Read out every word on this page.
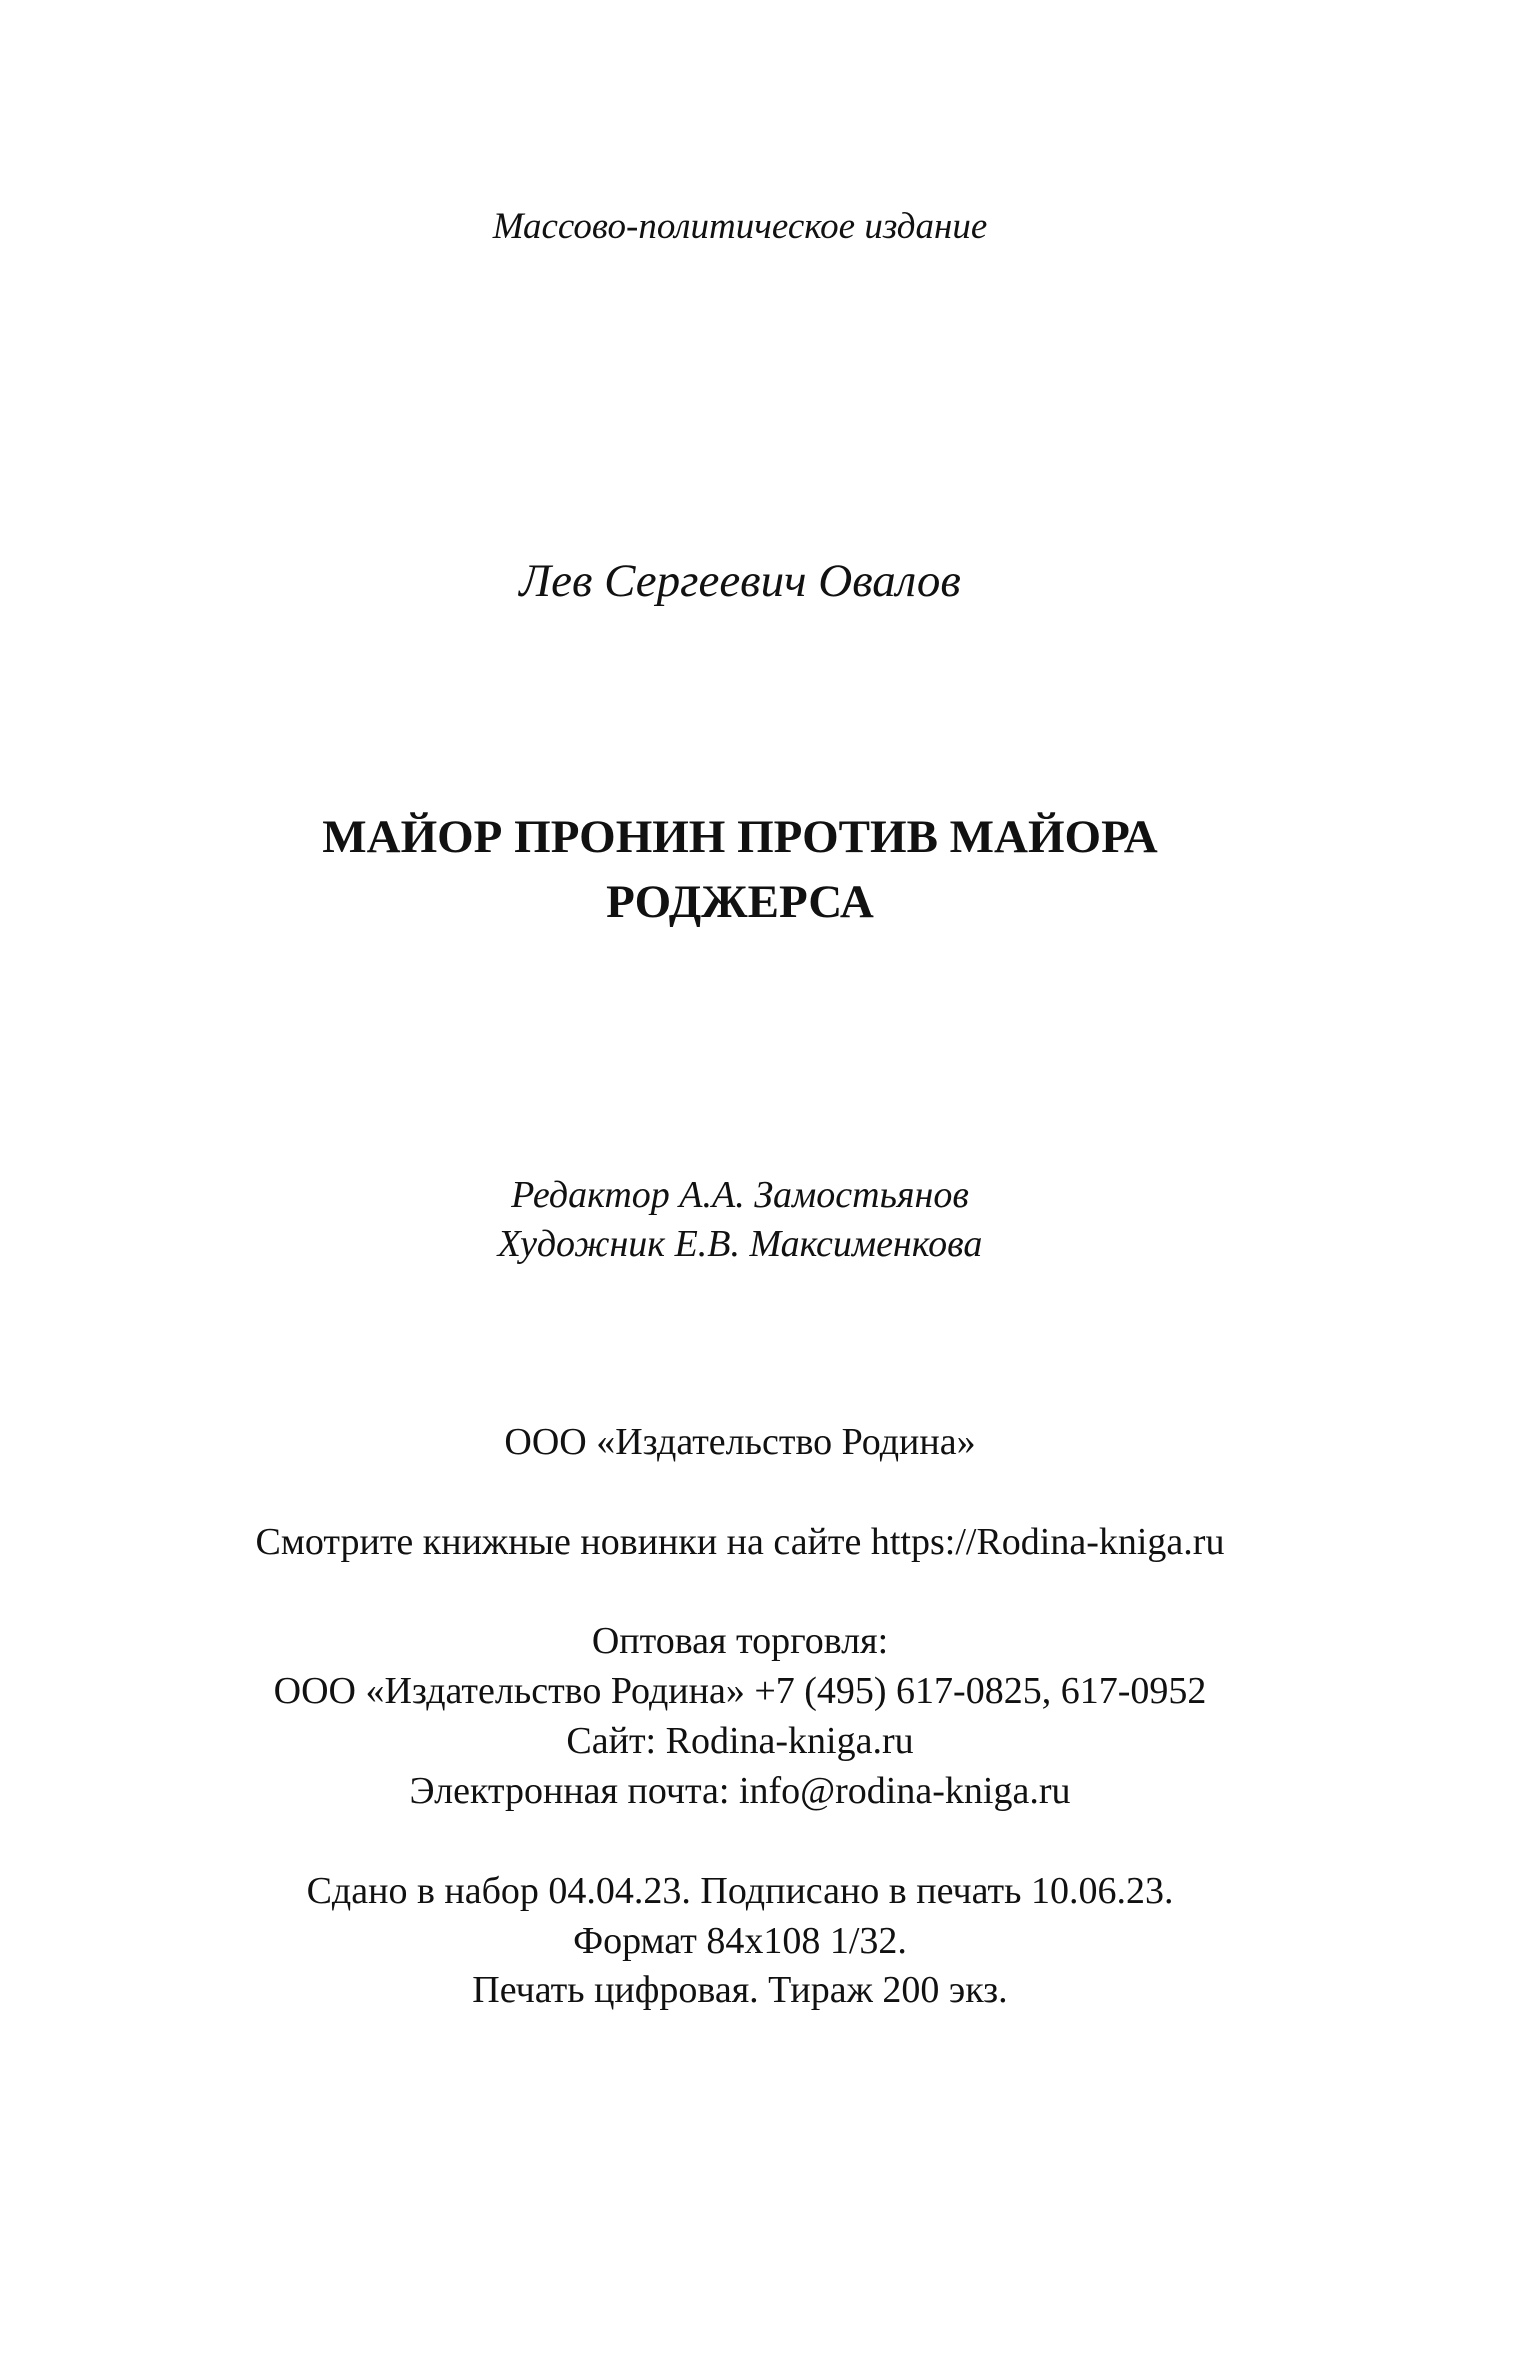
Массово-политическое издание
Лев Сергеевич Овалов
МАЙОР ПРОНИН ПРОТИВ МАЙОРА
РОДЖЕРСА
Редактор А.А. Замостьянов
Художник Е.В. Максименкова
ООО «Издательство Родина»
Смотрите книжные новинки на сайте https://Rodina-kniga.ru
Оптовая торговля:
ООО «Издательство Родина» +7 (495) 617-0825, 617-0952
Сайт: Rodina-kniga.ru
Электронная почта: info@rodina-kniga.ru
Сдано в набор 04.04.23. Подписано в печать 10.06.23.
Формат 84x108 1/32.
Печать цифровая. Тираж 200 экз.
